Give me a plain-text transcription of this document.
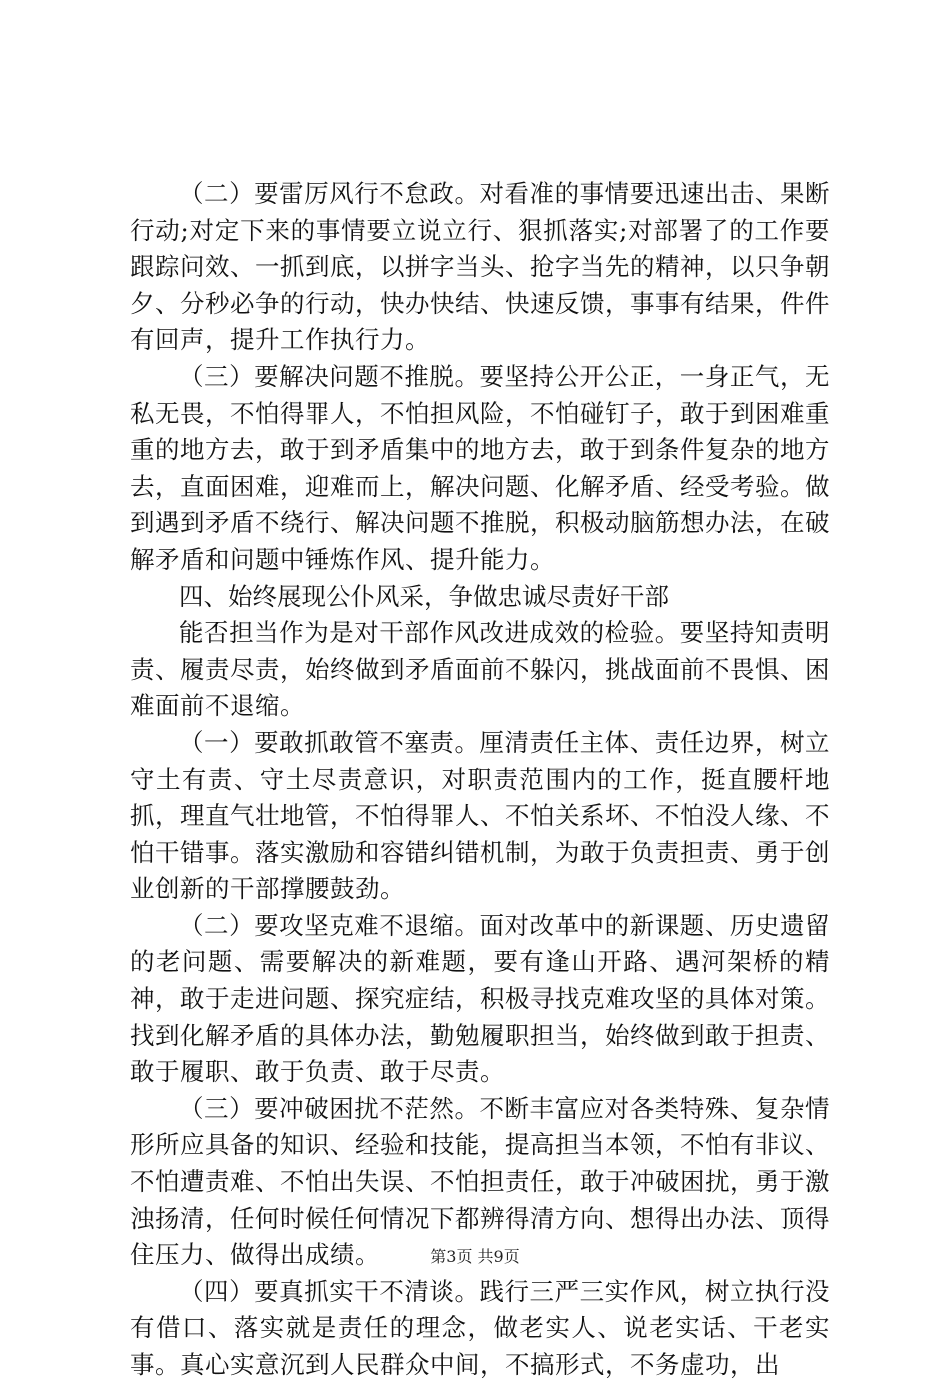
（二）要雷厉风行不怠政。对看准的事情要迅速出击、果断行动;对定下来的事情要立说立行、狠抓落实;对部署了的工作要跟踪问效、一抓到底，以拼字当头、抢字当先的精神，以只争朝夕、分秒必争的行动，快办快结、快速反馈，事事有结果，件件有回声，提升工作执行力。

（三）要解决问题不推脱。要坚持公开公正，一身正气，无私无畏，不怕得罪人，不怕担风险，不怕碰钉子，敢于到困难重重的地方去，敢于到矛盾集中的地方去，敢于到条件复杂的地方去，直面困难，迎难而上，解决问题、化解矛盾、经受考验。做到遇到矛盾不绕行、解决问题不推脱，积极动脑筋想办法，在破解矛盾和问题中锤炼作风、提升能力。

四、始终展现公仆风采，争做忠诚尽责好干部

能否担当作为是对干部作风改进成效的检验。要坚持知责明责、履责尽责，始终做到矛盾面前不躲闪，挑战面前不畏惧、困难面前不退缩。

（一）要敢抓敢管不塞责。厘清责任主体、责任边界，树立守土有责、守土尽责意识，对职责范围内的工作，挺直腰杆地抓，理直气壮地管，不怕得罪人、不怕关系坏、不怕没人缘、不怕干错事。落实激励和容错纠错机制，为敢于负责担责、勇于创业创新的干部撑腰鼓劲。

（二）要攻坚克难不退缩。面对改革中的新课题、历史遗留的老问题、需要解决的新难题，要有逢山开路、遇河架桥的精神，敢于走进问题、探究症结，积极寻找克难攻坚的具体对策。找到化解矛盾的具体办法，勤勉履职担当，始终做到敢于担责、敢于履职、敢于负责、敢于尽责。

（三）要冲破困扰不茫然。不断丰富应对各类特殊、复杂情形所应具备的知识、经验和技能，提高担当本领，不怕有非议、不怕遭责难、不怕出失误、不怕担责任，敢于冲破困扰，勇于激浊扬清，任何时候任何情况下都辨得清方向、想得出办法、顶得住压力、做得出成绩。

（四）要真抓实干不清谈。践行三严三实作风，树立执行没有借口、落实就是责任的理念，做老实人、说老实话、干老实事。真心实意沉到人民群众中间，不搞形式，不务虚功，出

第3页 共9页
